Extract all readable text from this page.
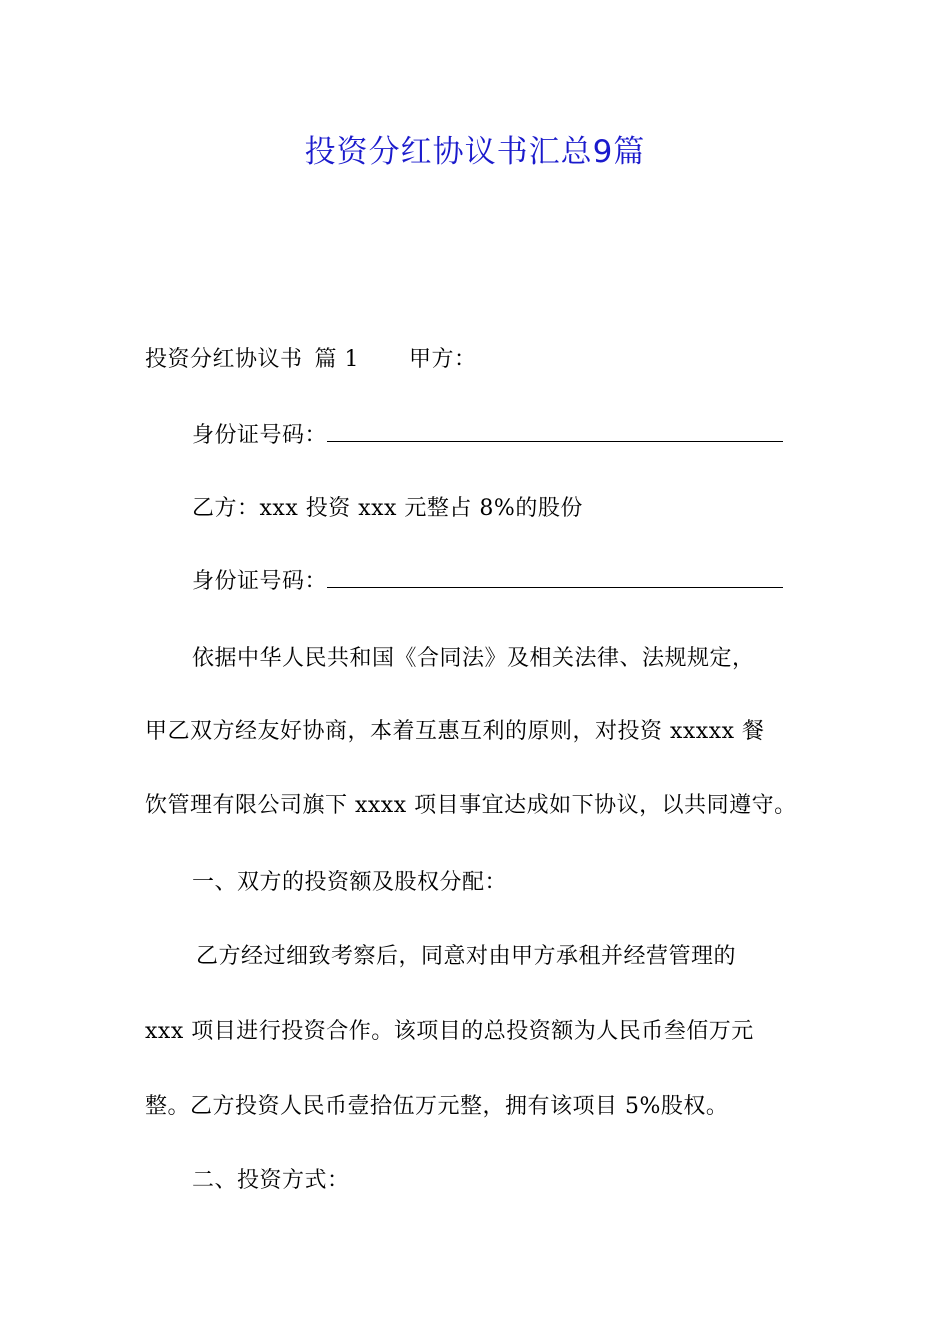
投资分红协议书汇总9篇
投资分红协议书 篇 1 甲方：
身份证号码：
乙方：xxx 投资 xxx 元整占 8%的股份
身份证号码：
依据中华人民共和国《合同法》及相关法律、法规规定，
甲乙双方经友好协商，本着互惠互利的原则，对投资 xxxxx 餐
饮管理有限公司旗下 xxxx 项目事宜达成如下协议，以共同遵守。
一、双方的投资额及股权分配：
乙方经过细致考察后，同意对由甲方承租并经营管理的
xxx 项目进行投资合作。该项目的总投资额为人民币叁佰万元
整。乙方投资人民币壹拾伍万元整，拥有该项目 5%股权。
二、投资方式：
